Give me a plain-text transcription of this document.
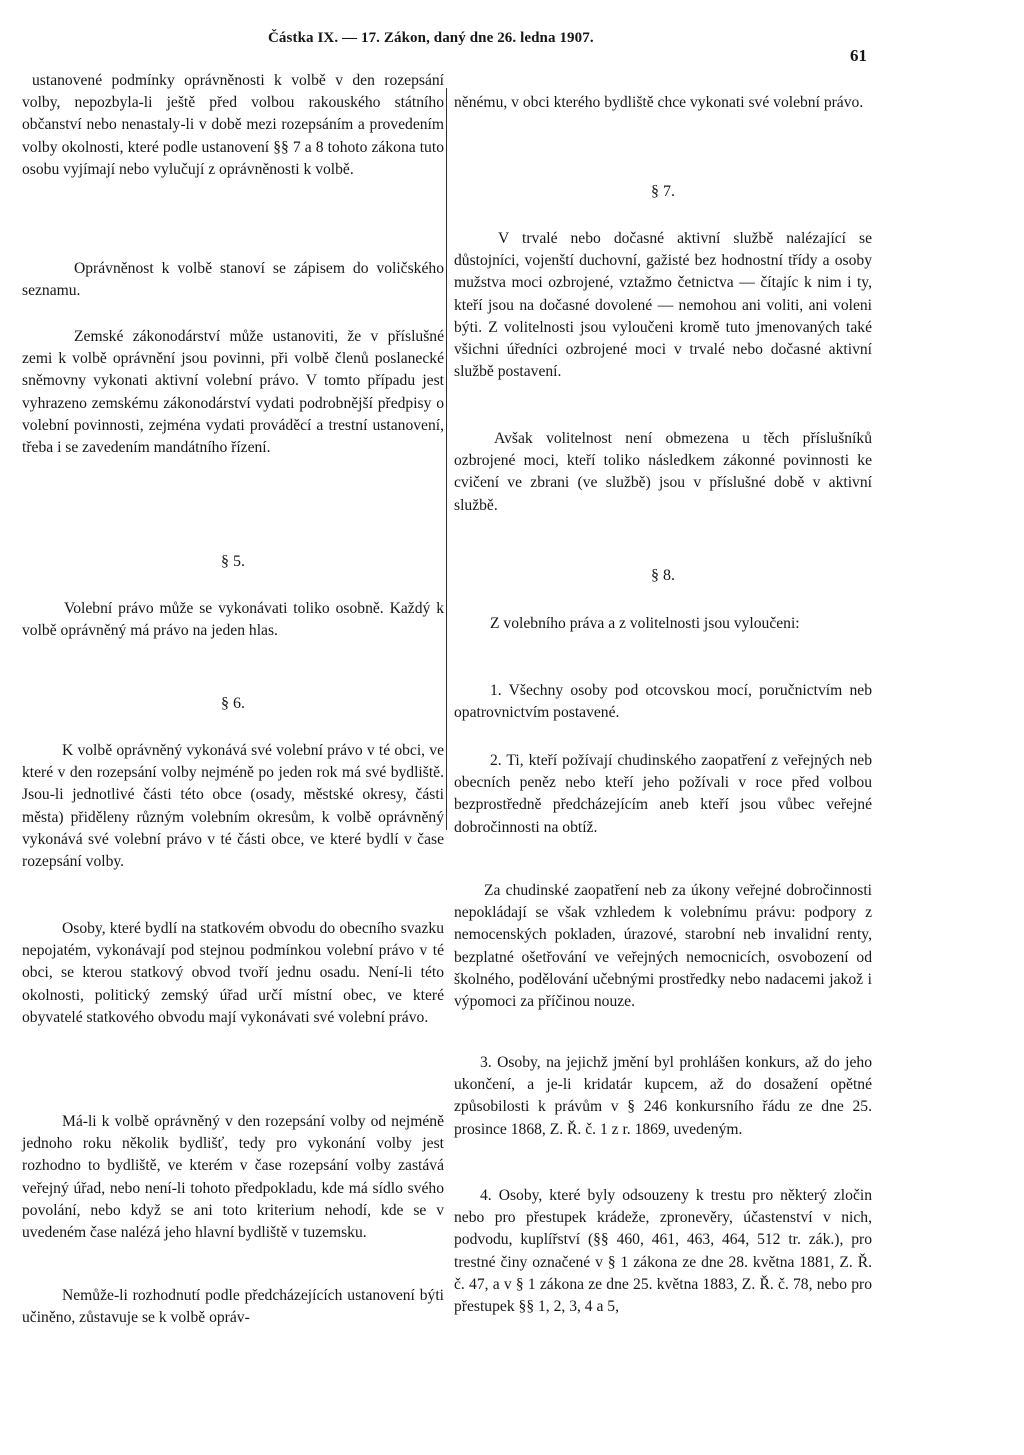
Částka IX. — 17. Zákon, daný dne 26. ledna 1907.
61

ustanovené podmínky oprávněnosti k volbě v den rozepsání volby, nepozbyla-li ještě před volbou rakouského státního občanství nebo nenastaly-li v době mezi rozepsáním a provedením volby okolnosti, které podle ustanovení §§ 7 a 8 tohoto zákona tuto osobu vyjímají nebo vylučují z oprávněnosti k volbě.

Oprávněnost k volbě stanoví se zápisem do voličského seznamu.

Zemské zákonodárství může ustanoviti, že v příslušné zemi k volbě oprávnění jsou povinni, při volbě členů poslanecké sněmovny vykonati aktivní volební právo. V tomto případu jest vyhrazeno zemskému zákonodárství vydati podrobnější předpisy o volební povinnosti, zejména vydati prováděcí a trestní ustanovení, třeba i se zavedením mandátního řízení.

§ 5.

Volební právo může se vykonávati toliko osobně. Každý k volbě oprávněný má právo na jeden hlas.

§ 6.

K volbě oprávněný vykonává své volební právo v té obci, ve které v den rozepsání volby nejméně po jeden rok má své bydliště. Jsou-li jednotlivé části této obce (osady, městské okresy, části města) přiděleny různým volebním okresům, k volbě oprávněný vykonává své volební právo v té části obce, ve které bydlí v čase rozepsání volby.

Osoby, které bydlí na statkovém obvodu do obecního svazku nepojatém, vykonávají pod stejnou podmínkou volební právo v té obci, se kterou statkový obvod tvoří jednu osadu. Není-li této okolnosti, politický zemský úřad určí místní obec, ve které obyvatelé statkového obvodu mají vykonávati své volební právo.

Má-li k volbě oprávněný v den rozepsání volby od nejméně jednoho roku několik bydlišť, tedy pro vykonání volby jest rozhodno to bydliště, ve kterém v čase rozepsání volby zastává veřejný úřad, nebo není-li tohoto předpokladu, kde má sídlo svého povolání, nebo když se ani toto kriterium nehodí, kde se v uvedeném čase nalézá jeho hlavní bydliště v tuzemsku.

Nemůže-li rozhodnutí podle předcházejících ustanovení býti učiněno, zůstavuje se k volbě opráv-

něnému, v obci kterého bydliště chce vykonati své volební právo.

§ 7.

V trvalé nebo dočasné aktivní službě nalézající se důstojníci, vojenští duchovní, gažisté bez hodnostní třídy a osoby mužstva moci ozbrojené, vztažmo četnictva — čítajíc k nim i ty, kteří jsou na dočasné dovolené — nemohou ani voliti, ani voleni býti. Z volitelnosti jsou vyloučeni kromě tuto jmenovaných také všichni úředníci ozbrojené moci v trvalé nebo dočasné aktivní službě postavení.

Avšak volitelnost není obmezena u těch příslušníků ozbrojené moci, kteří toliko následkem zákonné povinnosti ke cvičení ve zbrani (ve službě) jsou v příslušné době v aktivní službě.

§ 8.

Z volebního práva a z volitelnosti jsou vyloučeni:

1. Všechny osoby pod otcovskou mocí, poručnictvím neb opatrovnictvím postavené.

2. Ti, kteří požívají chudinského zaopatření z veřejných neb obecních peněz nebo kteří jeho požívali v roce před volbou bezprostředně předcházejícím aneb kteří jsou vůbec veřejné dobročinnosti na obtíž.

Za chudinské zaopatření neb za úkony veřejné dobročinnosti nepokládají se však vzhledem k volebnímu právu: podpory z nemocenských pokladen, úrazové, starobní neb invalidní renty, bezplatné ošetřování ve veřejných nemocnicích, osvobození od školného, podělování učebnými prostředky nebo nadacemi jakož i výpomoci za příčinou nouze.

3. Osoby, na jejichž jmění byl prohlášen konkurs, až do jeho ukončení, a je-li kridatár kupcem, až do dosažení opětné způsobilosti k právům v § 246 konkursního řádu ze dne 25. prosince 1868, Z. Ř. č. 1 z r. 1869, uvedeným.

4. Osoby, které byly odsouzeny k trestu pro některý zločin nebo pro přestupek krádeže, zpronevěry, účastenství v nich, podvodu, kuplířství (§§ 460, 461, 463, 464, 512 tr. zák.), pro trestné činy označené v § 1 zákona ze dne 28. května 1881, Z. Ř. č. 47, a v § 1 zákona ze dne 25. května 1883, Z. Ř. č. 78, nebo pro přestupek §§ 1, 2, 3, 4 a 5,
